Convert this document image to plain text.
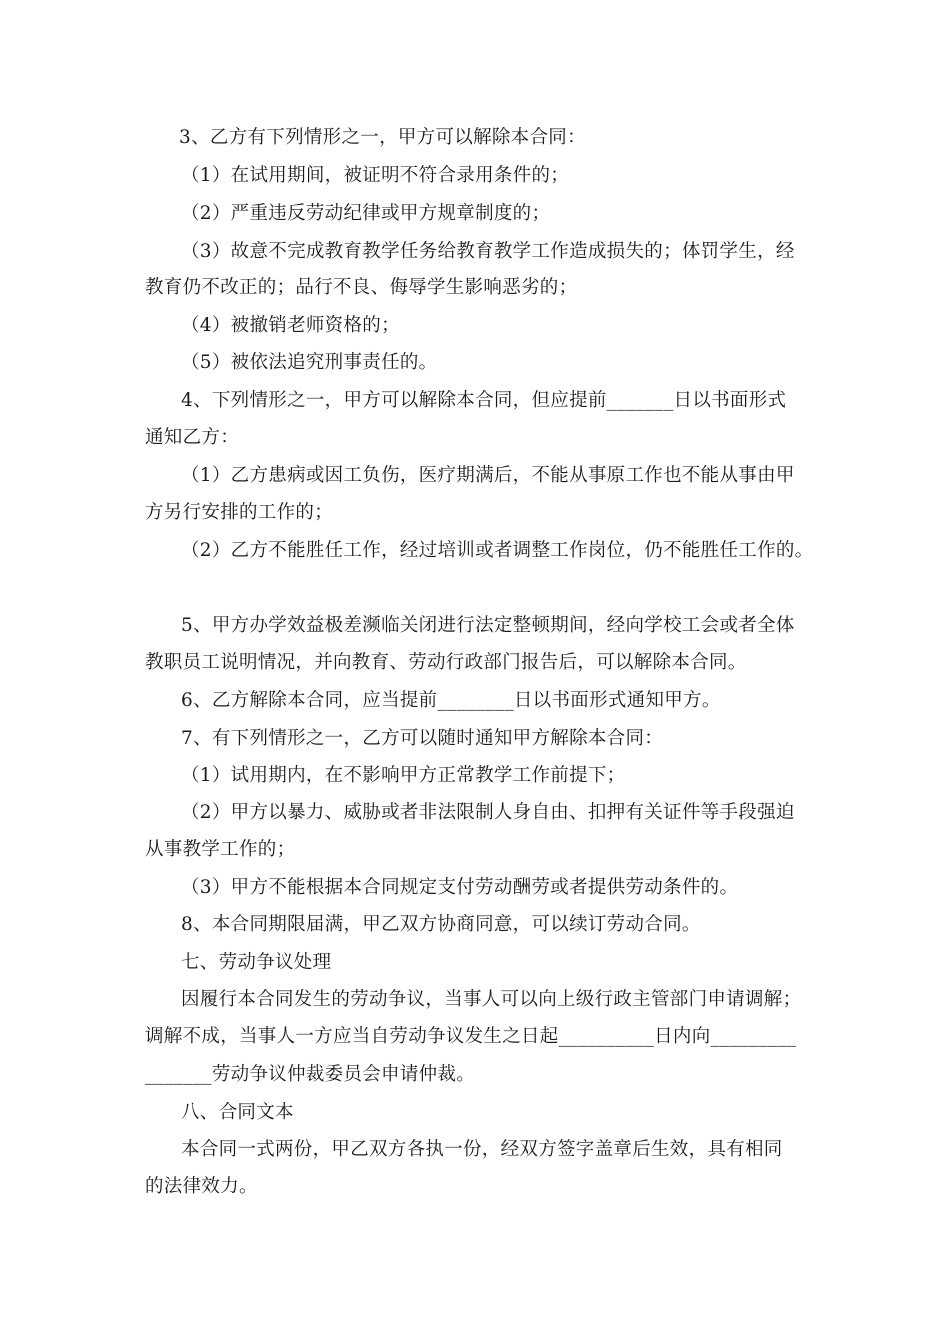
3、乙方有下列情形之一，甲方可以解除本合同：
（1）在试用期间，被证明不符合录用条件的；
（2）严重违反劳动纪律或甲方规章制度的；
（3）故意不完成教育教学任务给教育教学工作造成损失的；体罚学生，经
教育仍不改正的；品行不良、侮辱学生影响恶劣的；
（4）被撤销老师资格的；
（5）被依法追究刑事责任的。
4、下列情形之一，甲方可以解除本合同，但应提前_______日以书面形式
通知乙方：
（1）乙方患病或因工负伤，医疗期满后，不能从事原工作也不能从事由甲
方另行安排的工作的；
（2）乙方不能胜任工作，经过培训或者调整工作岗位，仍不能胜任工作的。
5、甲方办学效益极差濒临关闭进行法定整顿期间，经向学校工会或者全体
教职员工说明情况，并向教育、劳动行政部门报告后，可以解除本合同。
6、乙方解除本合同，应当提前________日以书面形式通知甲方。
7、有下列情形之一，乙方可以随时通知甲方解除本合同：
（1）试用期内，在不影响甲方正常教学工作前提下；
（2）甲方以暴力、威胁或者非法限制人身自由、扣押有关证件等手段强迫
从事教学工作的；
（3）甲方不能根据本合同规定支付劳动酬劳或者提供劳动条件的。
8、本合同期限届满，甲乙双方协商同意，可以续订劳动合同。
七、劳动争议处理
因履行本合同发生的劳动争议，当事人可以向上级行政主管部门申请调解；
调解不成，当事人一方应当自劳动争议发生之日起__________日内向_________
_______劳动争议仲裁委员会申请仲裁。
八、合同文本
本合同一式两份，甲乙双方各执一份，经双方签字盖章后生效，具有相同
的法律效力。
